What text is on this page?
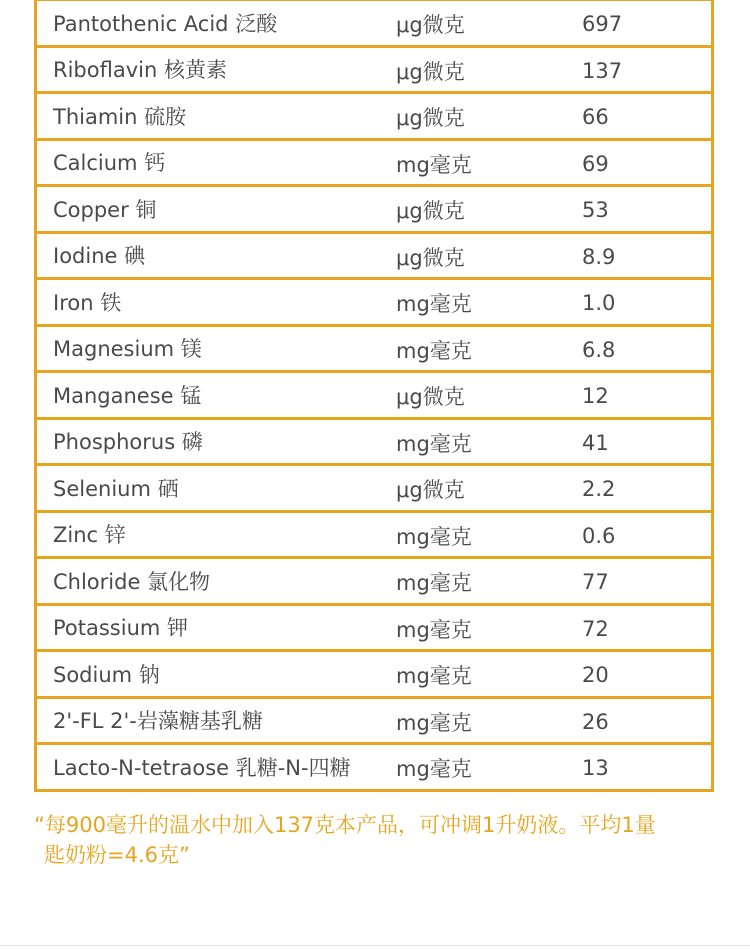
Pantothenic Acid 泛酸	μg微克	697
Riboflavin 核黄素	μg微克	137
Thiamin 硫胺	μg微克	66
Calcium 钙	mg毫克	69
Copper 铜	μg微克	53
Iodine 碘	μg微克	8.9
Iron 铁	mg毫克	1.0
Magnesium 镁	mg毫克	6.8
Manganese 锰	μg微克	12
Phosphorus 磷	mg毫克	41
Selenium 硒	μg微克	2.2
Zinc 锌	mg毫克	0.6
Chloride 氯化物	mg毫克	77
Potassium 钾	mg毫克	72
Sodium 钠	mg毫克	20
2'-FL 2'-岩藻糖基乳糖	mg毫克	26
Lacto-N-tetraose 乳糖-N-四糖	mg毫克	13
“每900毫升的温水中加入137克本产品，可冲调1升奶液。平均1量
匙奶粉=4.6克”
